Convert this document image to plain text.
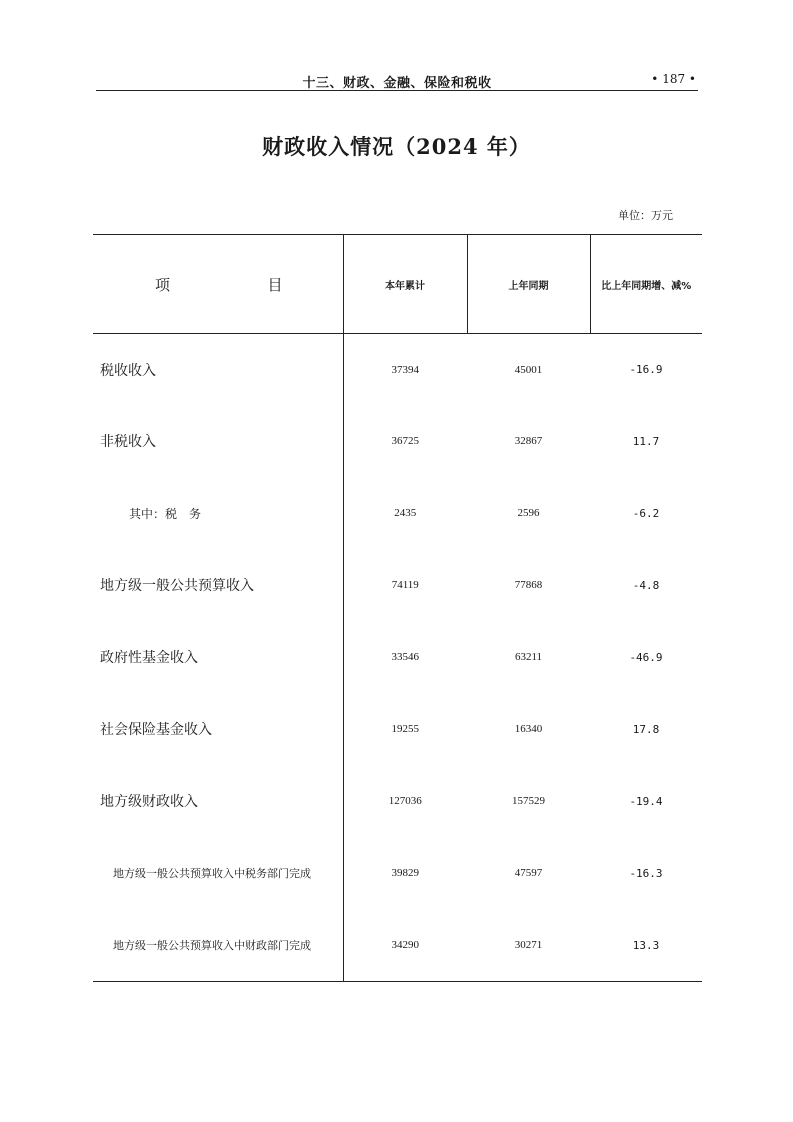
十三、财政、金融、保险和税收	• 187 •
财政收入情况（2024 年）
单位：万元
项 目	本年累计	上年同期	比上年同期增、减%
税收收入	37394	45001	-16.9
非税收入	36725	32867	11.7
其中：税　务	2435	2596	-6.2
地方级一般公共预算收入	74119	77868	-4.8
政府性基金收入	33546	63211	-46.9
社会保险基金收入	19255	16340	17.8
地方级财政收入	127036	157529	-19.4
地方级一般公共预算收入中税务部门完成	39829	47597	-16.3
地方级一般公共预算收入中财政部门完成	34290	30271	13.3
